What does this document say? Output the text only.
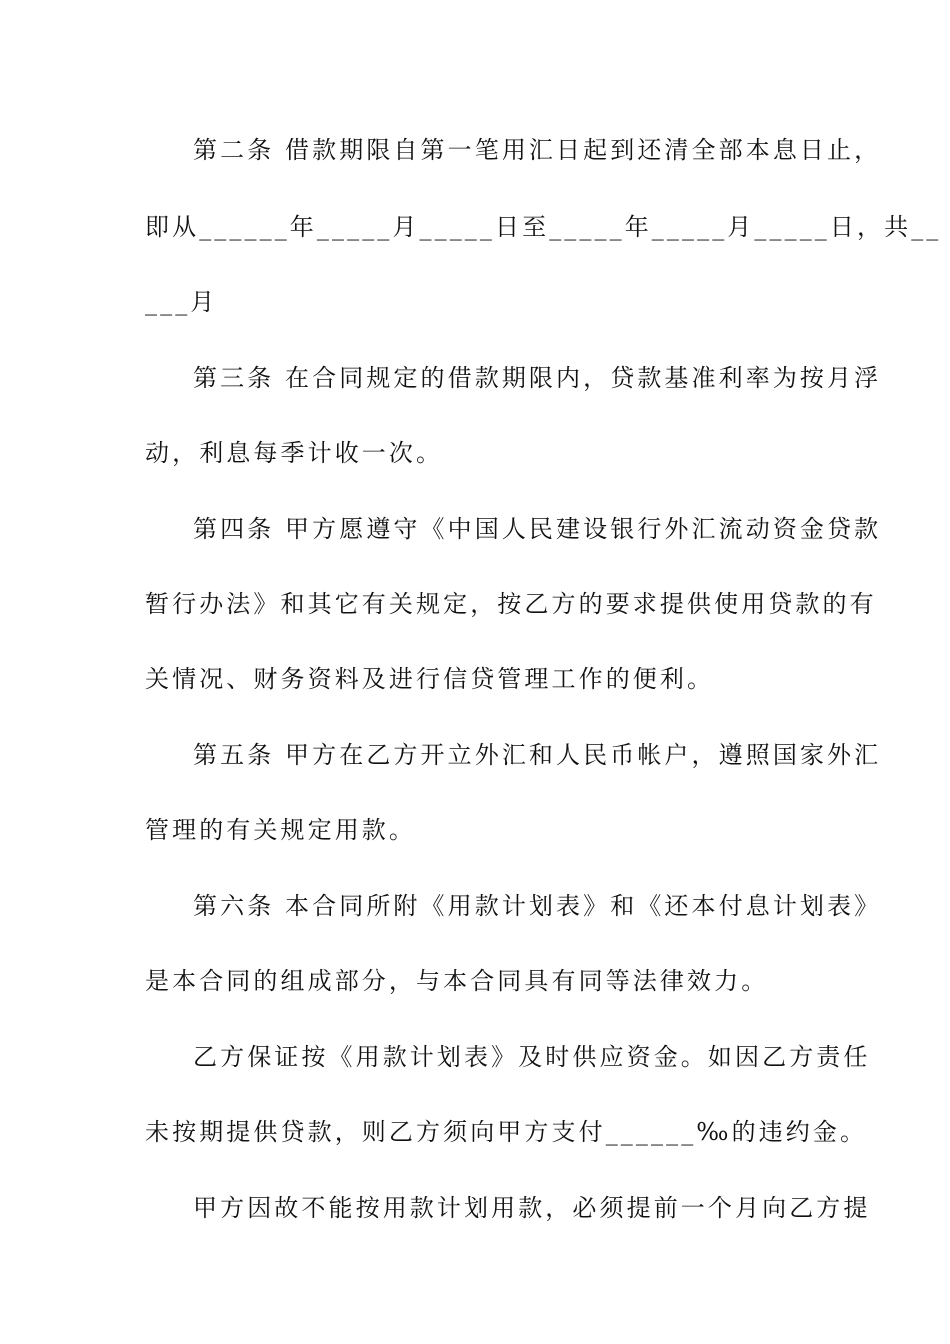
第二条 借款期限自第一笔用汇日起到还清全部本息日止，

即从______年_____月_____日至_____年_____月_____日，共__

___月

第三条 在合同规定的借款期限内，贷款基准利率为按月浮

动，利息每季计收一次。

第四条 甲方愿遵守《中国人民建设银行外汇流动资金贷款

暂行办法》和其它有关规定，按乙方的要求提供使用贷款的有

关情况、财务资料及进行信贷管理工作的便利。

第五条 甲方在乙方开立外汇和人民币帐户，遵照国家外汇

管理的有关规定用款。

第六条 本合同所附《用款计划表》和《还本付息计划表》

是本合同的组成部分，与本合同具有同等法律效力。

乙方保证按《用款计划表》及时供应资金。如因乙方责任

未按期提供贷款，则乙方须向甲方支付______‰的违约金。

甲方因故不能按用款计划用款，必须提前一个月向乙方提
